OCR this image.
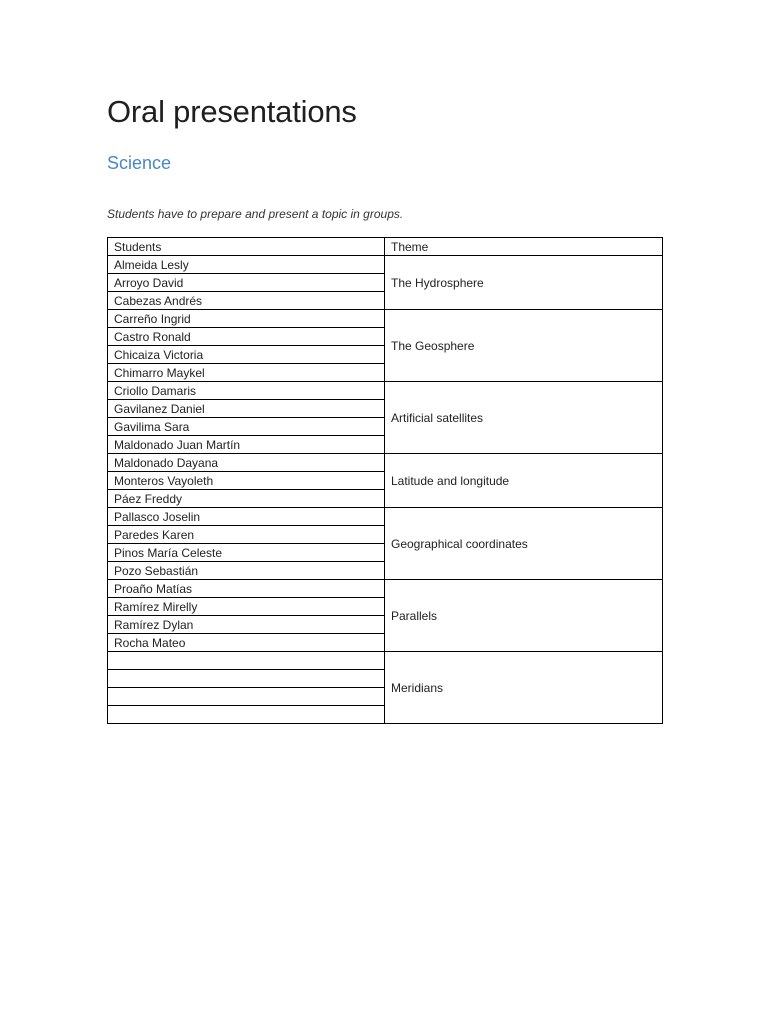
Oral presentations
Science

Students have to prepare and present a topic in groups.

Students	Theme
Almeida Lesly	The Hydrosphere
Arroyo David	
Cabezas Andrés	
Carreño Ingrid	The Geosphere
Castro Ronald	
Chicaiza Victoria	
Chimarro Maykel	
Criollo Damaris	Artificial satellites
Gavilanez Daniel	
Gavilima Sara	
Maldonado Juan Martín	
Maldonado Dayana	Latitude and longitude
Monteros Vayoleth	
Páez Freddy	
Pallasco Joselin	Geographical coordinates
Paredes Karen	
Pinos María Celeste	
Pozo Sebastián	
Proaño Matías	Parallels
Ramírez Mirelly	
Ramírez Dylan	
Rocha Mateo	
	Meridians
